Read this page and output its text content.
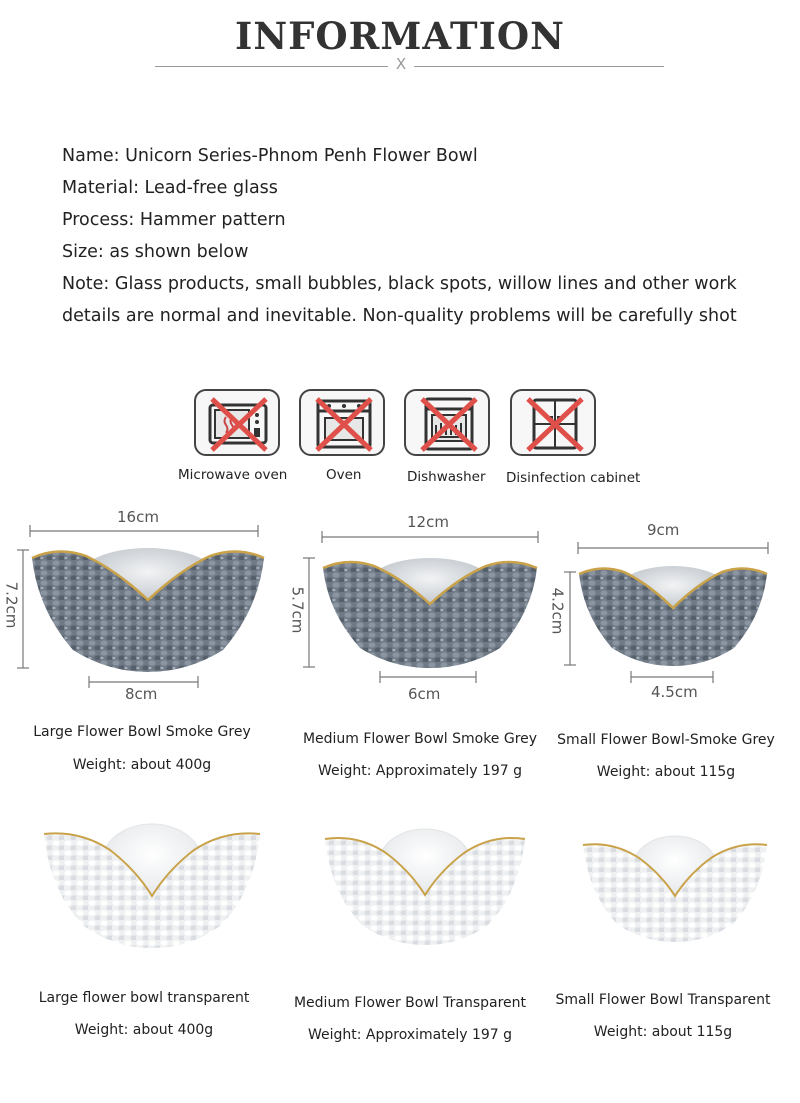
INFORMATION
X
Name: Unicorn Series-Phnom Penh Flower Bowl
Material: Lead-free glass
Process: Hammer pattern
Size: as shown below
Note: Glass products, small bubbles, black spots, willow lines and other work
details are normal and inevitable. Non-quality problems will be carefully shot
Microwave oven	Oven	Dishwasher Disinfection cabinet
16cm	12cm	9cm
7.2cm	5.7cm	4.2cm
8cm	6cm	4.5cm
Large Flower Bowl Smoke Grey
Weight: about 400g
Medium Flower Bowl Smoke Grey
Weight: Approximately 197 g
Small Flower Bowl-Smoke Grey
Weight: about 115g
Large flower bowl transparent
Weight: about 400g
Medium Flower Bowl Transparent
Weight: Approximately 197 g
Small Flower Bowl Transparent
Weight: about 115g
